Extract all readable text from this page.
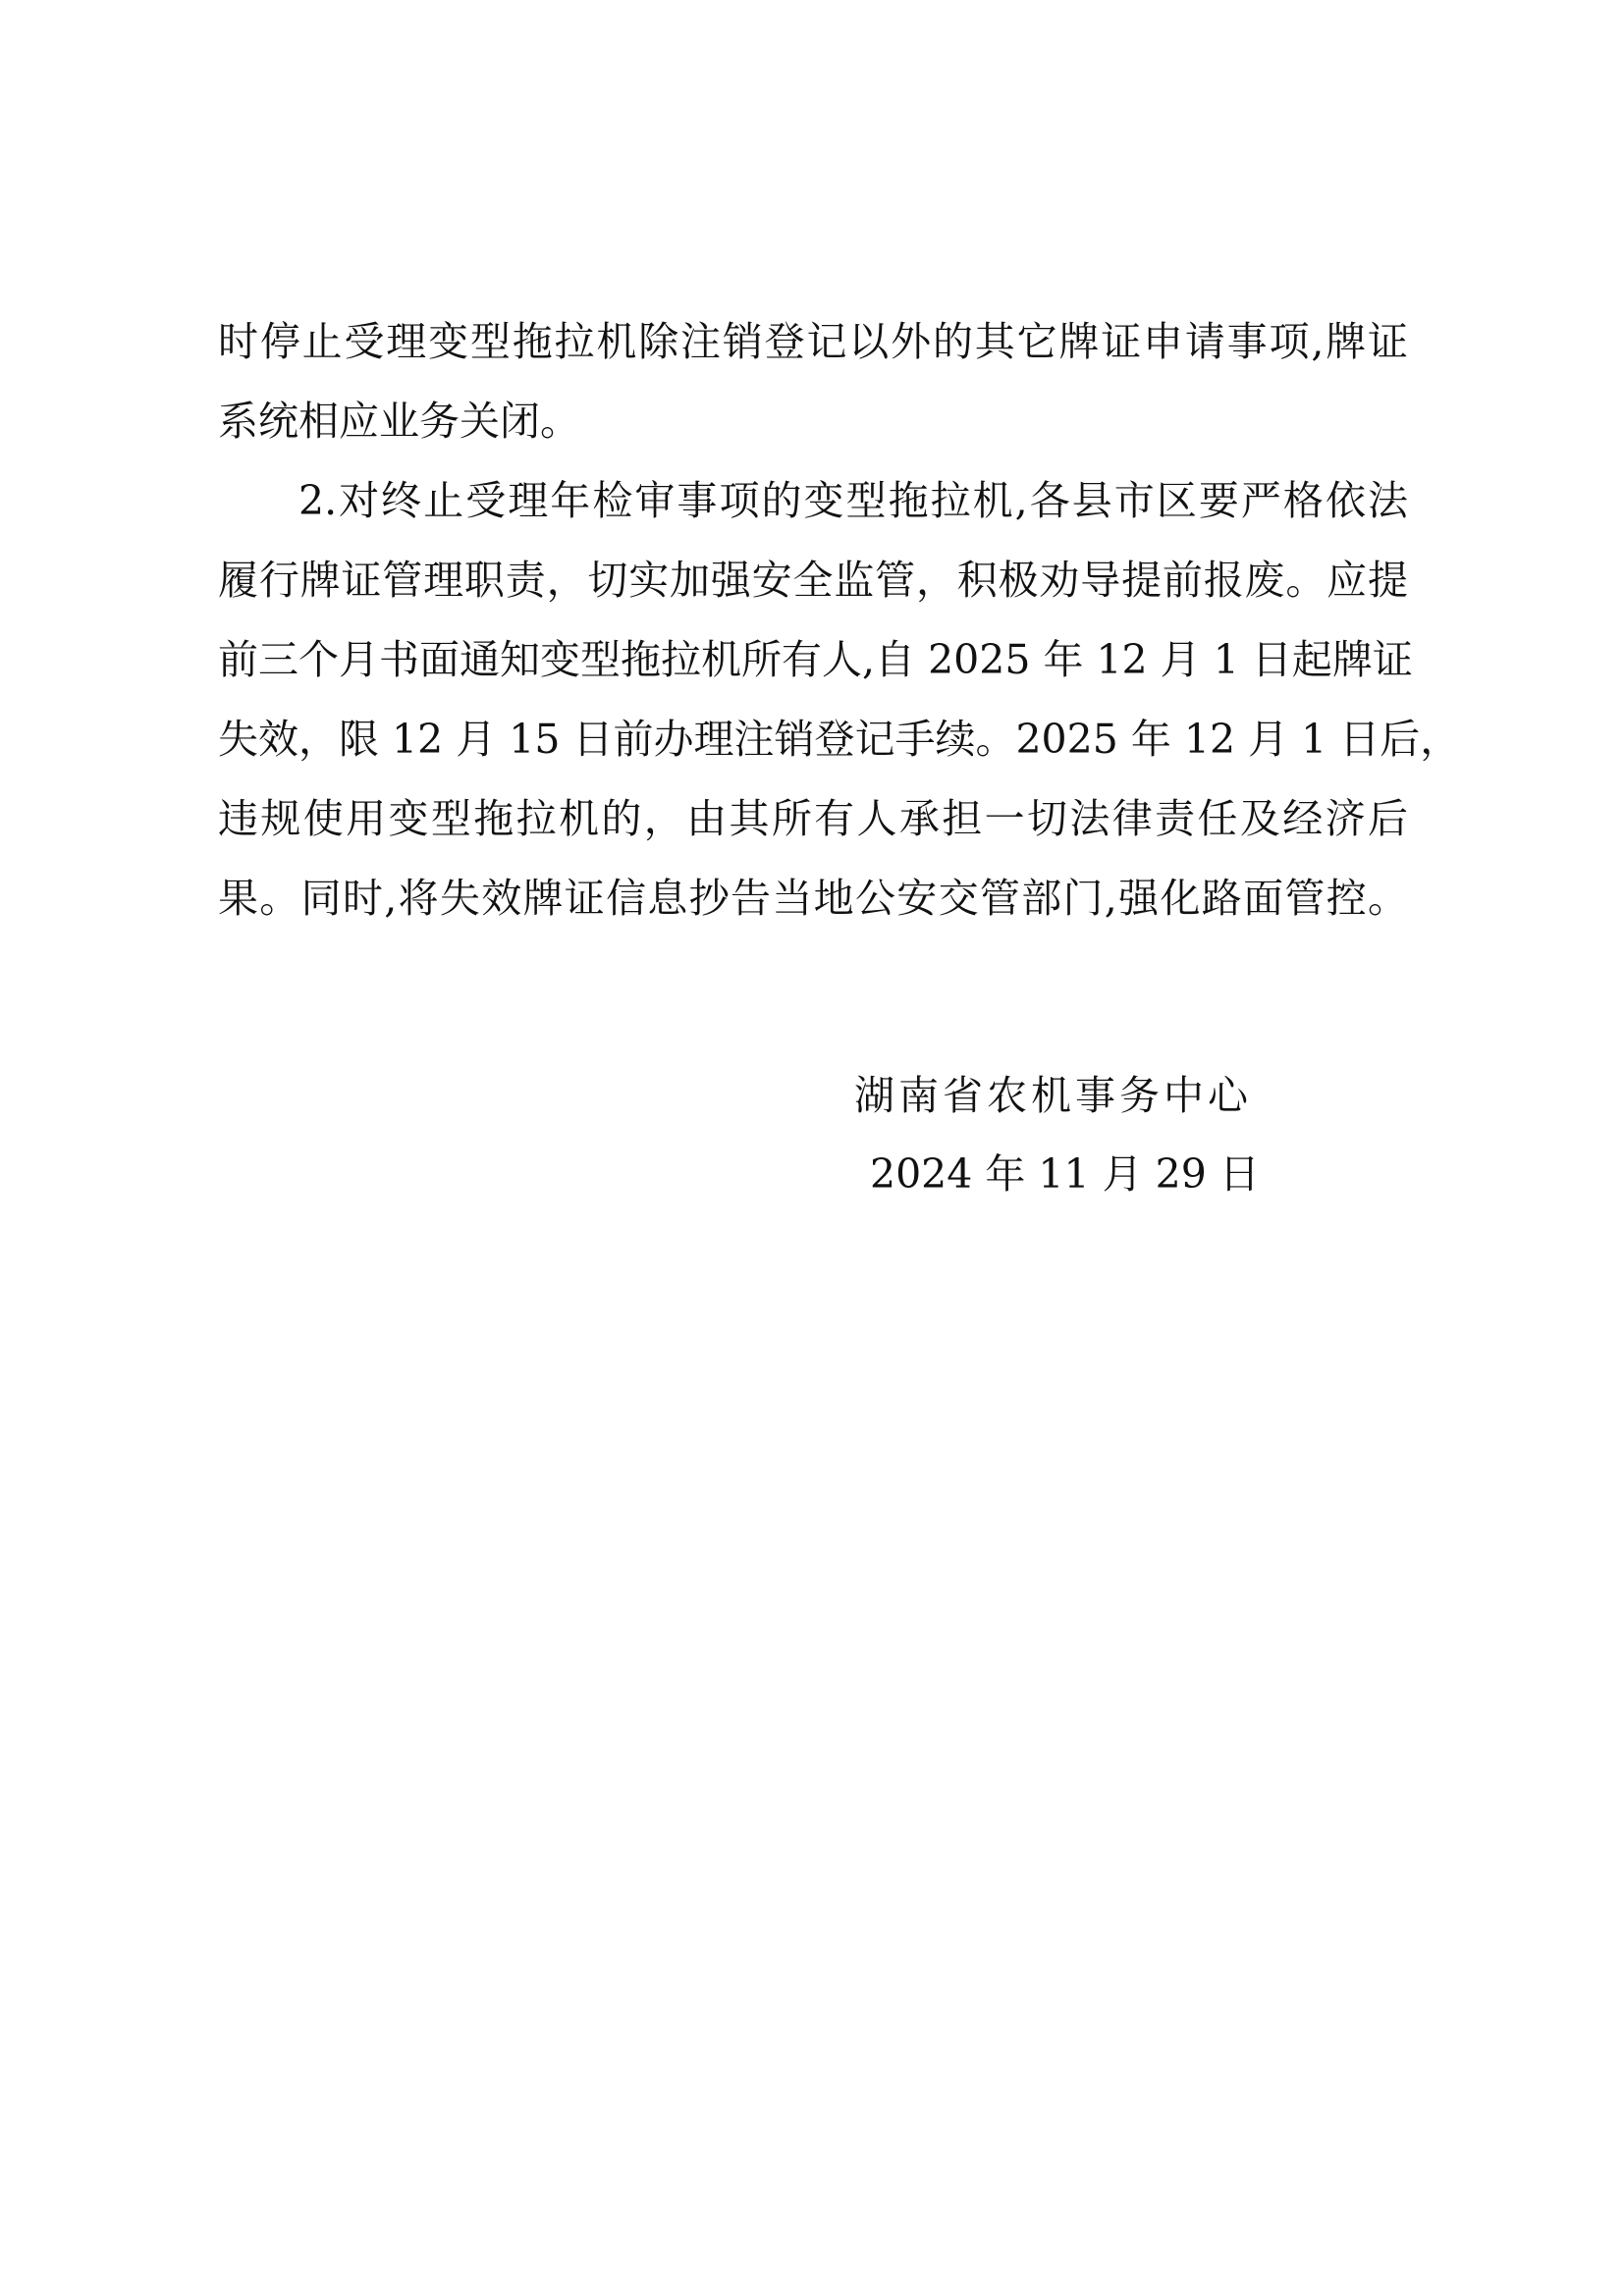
时停止受理变型拖拉机除注销登记以外的其它牌证申请事项,牌证
系统相应业务关闭。
2.对终止受理年检审事项的变型拖拉机,各县市区要严格依法
履行牌证管理职责，切实加强安全监管，积极劝导提前报废。应提
前三个月书面通知变型拖拉机所有人,自 2025 年 12 月 1 日起牌证
失效，限 12 月 15 日前办理注销登记手续。2025 年 12 月 1 日后，
违规使用变型拖拉机的，由其所有人承担一切法律责任及经济后
果。同时,将失效牌证信息抄告当地公安交管部门,强化路面管控。
湖南省农机事务中心
2024 年 11 月 29 日
